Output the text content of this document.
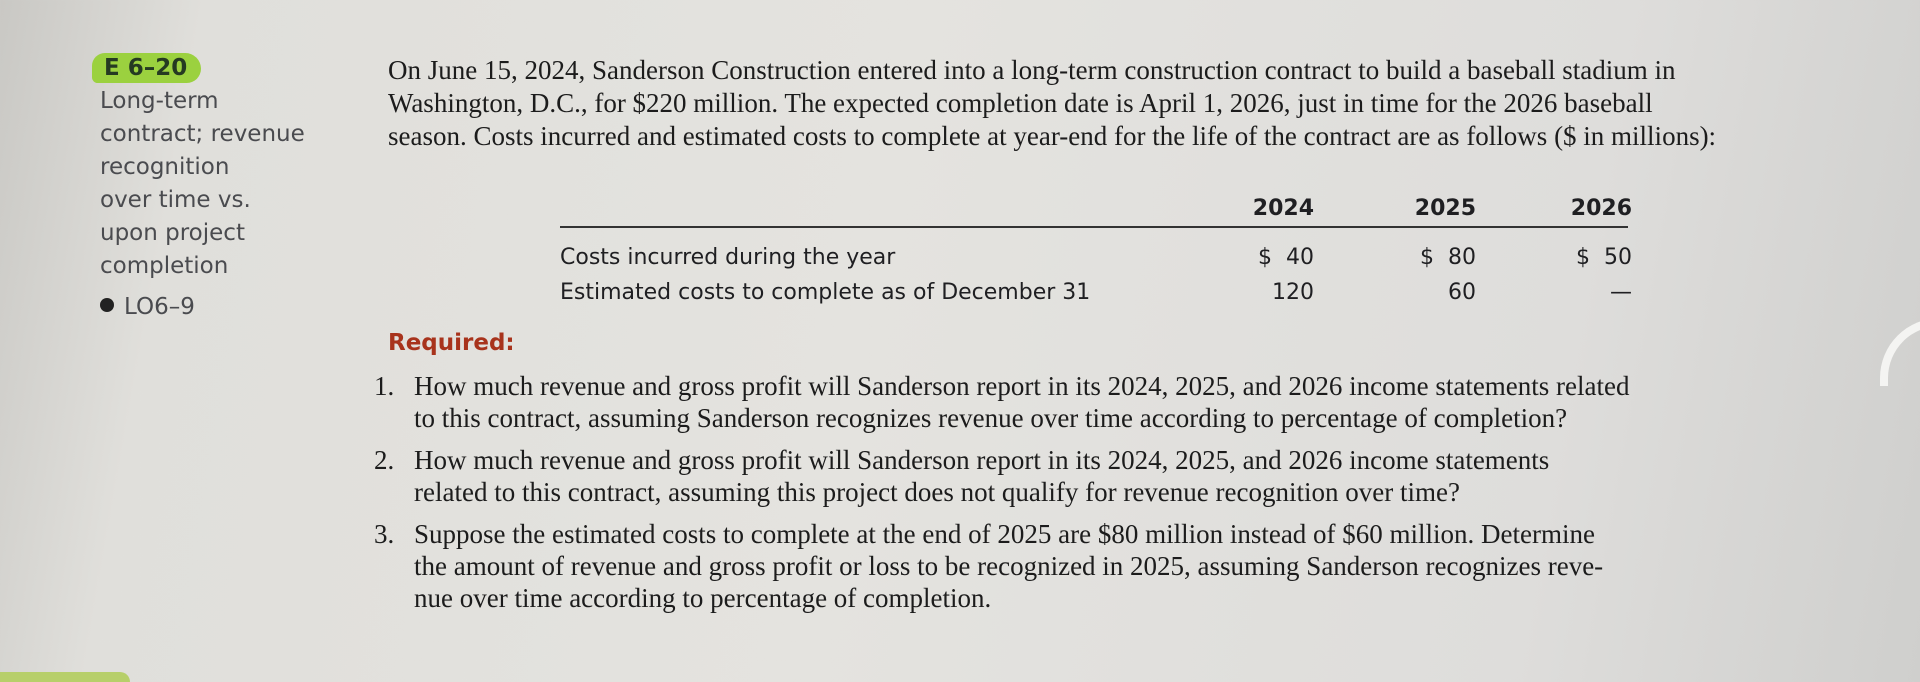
E 6–20
Long-term
contract; revenue
recognition
over time vs.
upon project
completion
LO6–9
On June 15, 2024, Sanderson Construction entered into a long-term construction contract to build a baseball stadium in
Washington, D.C., for $220 million. The expected completion date is April 1, 2026, just in time for the 2026 baseball
season. Costs incurred and estimated costs to complete at year-end for the life of the contract are as follows ($ in millions):
2024	2025	2026
Costs incurred during the year	$  40	$  80	$  50
Estimated costs to complete as of December 31	120	60	—
Required:
1. How much revenue and gross profit will Sanderson report in its 2024, 2025, and 2026 income statements related
to this contract, assuming Sanderson recognizes revenue over time according to percentage of completion?
2. How much revenue and gross profit will Sanderson report in its 2024, 2025, and 2026 income statements
related to this contract, assuming this project does not qualify for revenue recognition over time?
3. Suppose the estimated costs to complete at the end of 2025 are $80 million instead of $60 million. Determine
the amount of revenue and gross profit or loss to be recognized in 2025, assuming Sanderson recognizes reve-
nue over time according to percentage of completion.
